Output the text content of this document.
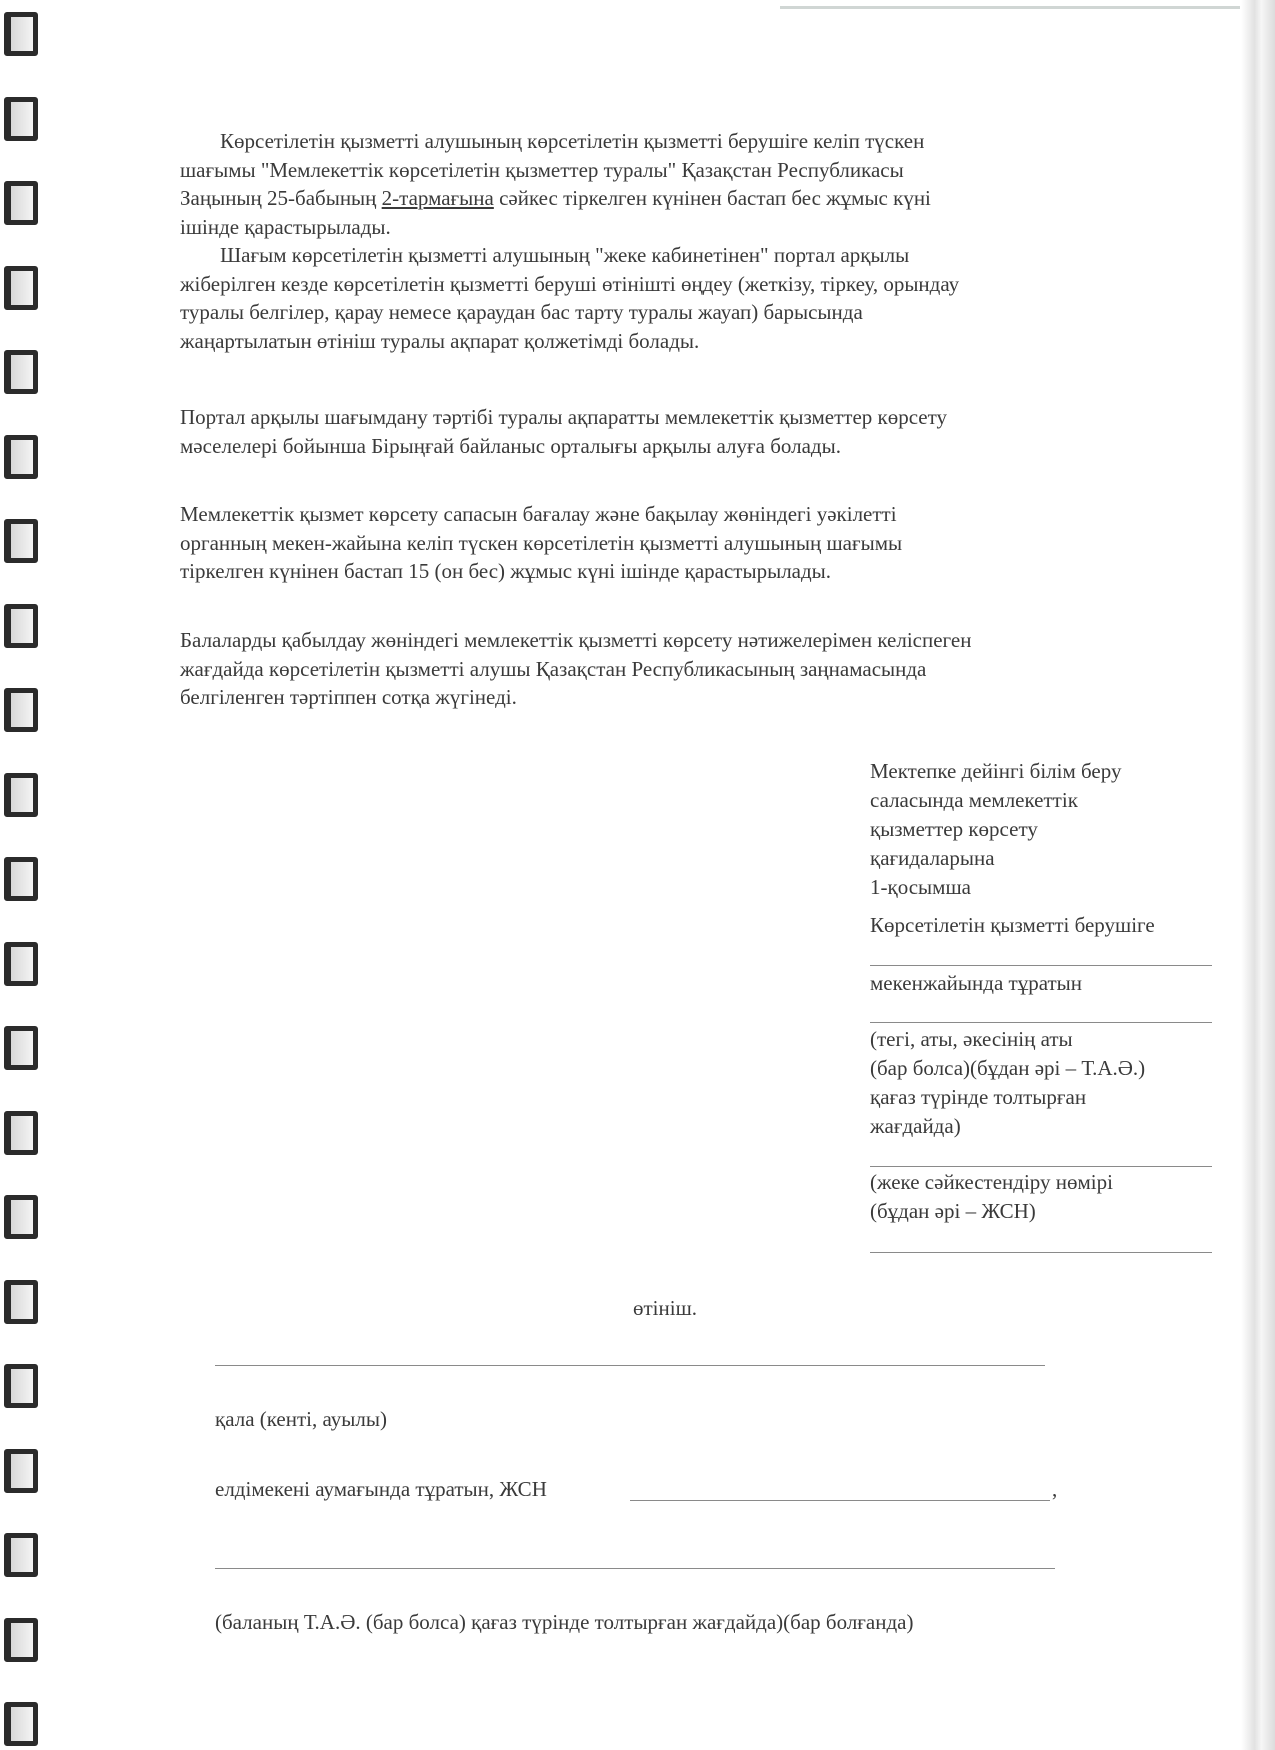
Көрсетілетін қызметті алушының көрсетілетін қызметті берушіге келіп түскен

шағымы "Мемлекеттік көрсетілетін қызметтер туралы" Қазақстан Республикасы

Заңының 25-бабының 2-тармағына сәйкес тіркелген күнінен бастап бес жұмыс күні

ішінде қарастырылады.

Шағым көрсетілетін қызметті алушының "жеке кабинетінен" портал арқылы

жіберілген кезде көрсетілетін қызметті беруші өтінішті өңдеу (жеткізу, тіркеу, орындау

туралы белгілер, қарау немесе қараудан бас тарту туралы жауап) барысында

жаңартылатын өтініш туралы ақпарат қолжетімді болады.

Портал арқылы шағымдану тәртібі туралы ақпаратты мемлекеттік қызметтер көрсету

мәселелері бойынша Бірыңғай байланыс орталығы арқылы алуға болады.

Мемлекеттік қызмет көрсету сапасын бағалау және бақылау жөніндегі уәкілетті

органның мекен-жайына келіп түскен көрсетілетін қызметті алушының шағымы

тіркелген күнінен бастап 15 (он бес) жұмыс күні ішінде қарастырылады.

Балаларды қабылдау жөніндегі мемлекеттік қызметті көрсету нәтижелерімен келіспеген

жағдайда көрсетілетін қызметті алушы Қазақстан Республикасының заңнамасында

белгіленген тәртіппен сотқа жүгінеді.

Мектепке дейінгі білім беру
саласында мемлекеттік
қызметтер көрсету
қағидаларына
1-қосымша
Көрсетілетін қызметті берушіге
мекенжайында тұратын
(тегі, аты, әкесінің аты
(бар болса)(бұдан әрі – Т.А.Ә.)
қағаз түрінде толтырған
жағдайда)
(жеке сәйкестендіру нөмірі
(бұдан әрі – ЖСН)
өтініш.
қала (кенті, ауылы)
елдімекені аумағында тұратын, ЖСН	,
(баланың Т.А.Ә. (бар болса) қағаз түрінде толтырған жағдайда)(бар болғанда)
